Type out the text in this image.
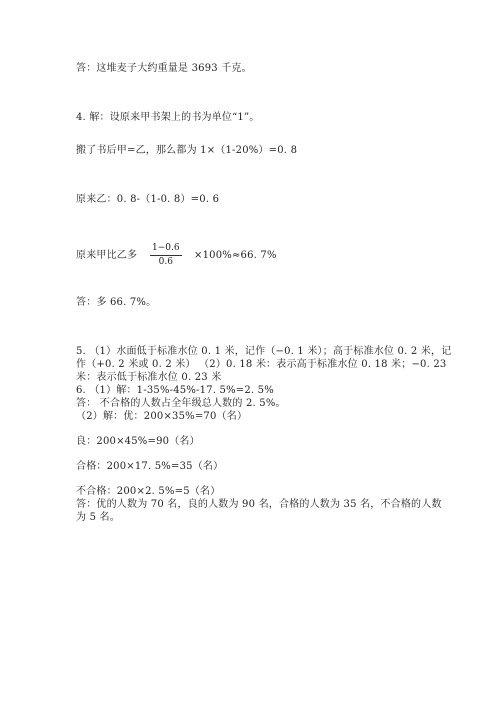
答：这堆麦子大约重量是 3693 千克。
4. 解：设原来甲书架上的书为单位“1”。
搬了书后甲=乙，那么都为 1×（1-20%）=0. 8
原来乙：0. 8-（1-0. 8）=0. 6
原来甲比乙多 $\frac{1-0.6}{0.6} \times 100\%\approx 66$. 7%
答：多 66. 7%。
5. （1）水面低于标准水位 0. 1 米，记作（−0. 1 米）；高于标准水位 0. 2 米，记
作（+0. 2 米或 0. 2 米） （2）0. 18 米：表示高于标准水位 0. 18 米；−0. 23
米：表示低于标准水位 0. 23 米
6. （1）解：1-35%-45%-17. 5%=2. 5%
答： 不合格的人数占全年级总人数的 2. 5%。
（2）解：优：200×35%=70（名）
良：200×45%=90（名）
合格：200×17. 5%=35（名）
不合格：200×2. 5%=5（名）
答：优的人数为 70 名，良的人数为 90 名，合格的人数为 35 名，不合格的人数
为 5 名。
